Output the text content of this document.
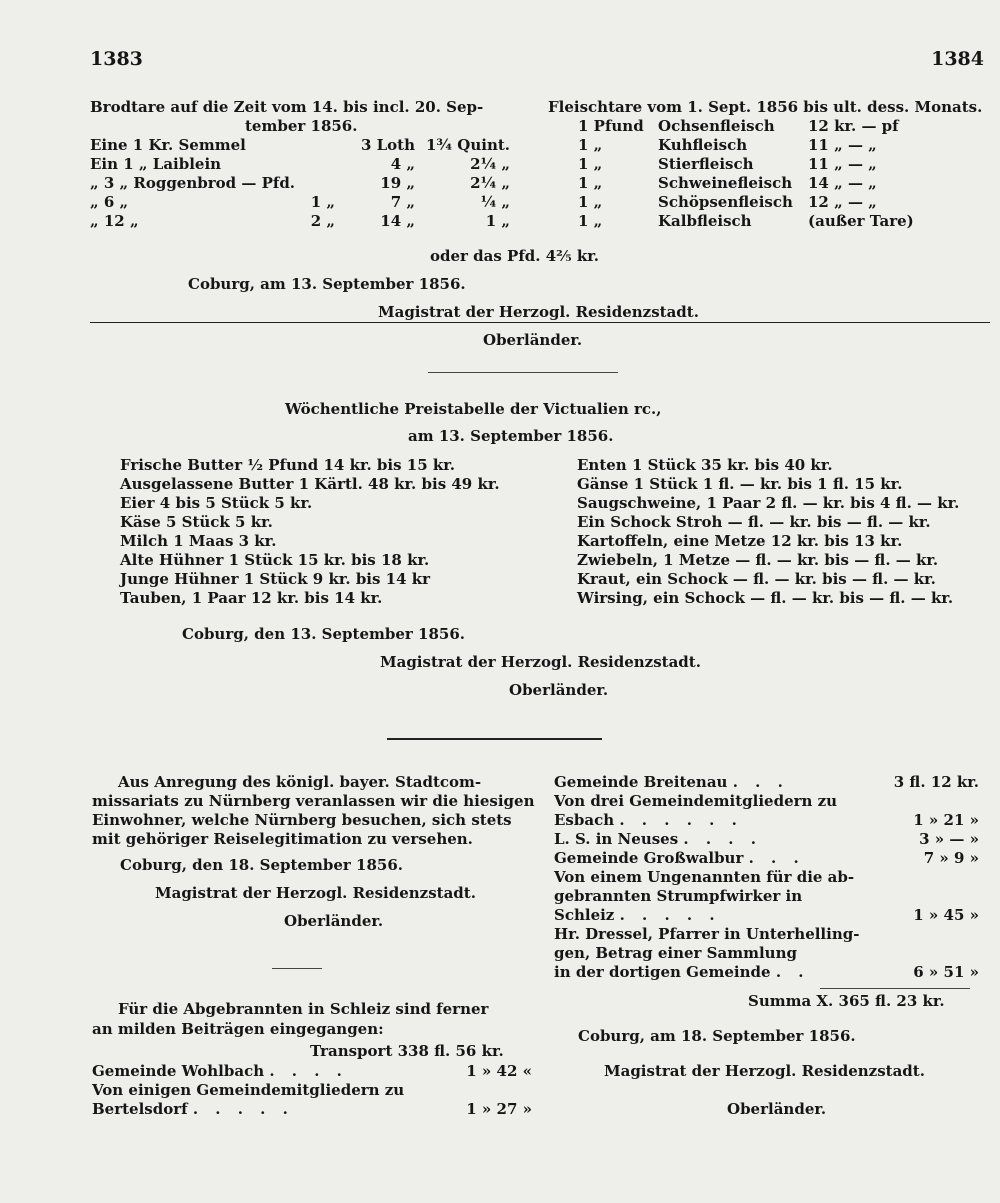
1383	1384
Brodtare auf die Zeit vom 14. bis incl. 20. Sep-
tember 1856.
Eine 1 Kr. Semmel	3 Loth 1¾ Quint.
Ein 1 „ Laiblein	4 „	2¼ „
„ 3 „ Roggenbrod — Pfd.	19 „	2¼ „
„ 6 „	1 „	7 „	¼ „
„ 12 „	2 „	14 „	1 „
oder das Pfd. 4⅖ kr.
Coburg, am 13. September 1856.
Fleischtare vom 1. Sept. 1856 bis ult. dess. Monats.
1 Pfund Ochsenfleisch	12 kr. — pf
1 „	Kuhfleisch	11 „ — „
1 „	Stierfleisch	11 „ — „
1 „	Schweinefleisch	14 „ — „
1 „	Schöpsenfleisch	12 „ — „
1 „	Kalbfleisch	(außer Tare)
Magistrat der Herzogl. Residenzstadt.
Oberländer.
Wöchentliche Preistabelle der Victualien rc.,
am 13. September 1856.
Frische Butter ½ Pfund 14 kr. bis 15 kr.
Ausgelassene Butter 1 Kärtl. 48 kr. bis 49 kr.
Eier 4 bis 5 Stück 5 kr.
Käse 5 Stück 5 kr.
Milch 1 Maas 3 kr.
Alte Hühner 1 Stück 15 kr. bis 18 kr.
Junge Hühner 1 Stück 9 kr. bis 14 kr
Tauben, 1 Paar 12 kr. bis 14 kr.
Enten 1 Stück 35 kr. bis 40 kr.
Gänse 1 Stück 1 fl. — kr. bis 1 fl. 15 kr.
Saugschweine, 1 Paar 2 fl. — kr. bis 4 fl. — kr.
Ein Schock Stroh — fl. — kr. bis — fl. — kr.
Kartoffeln, eine Metze 12 kr. bis 13 kr.
Zwiebeln, 1 Metze — fl. — kr. bis — fl. — kr.
Kraut, ein Schock — fl. — kr. bis — fl. — kr.
Wirsing, ein Schock — fl. — kr. bis — fl. — kr.
Coburg, den 13. September 1856.
Magistrat der Herzogl. Residenzstadt.
Oberländer.
Aus Anregung des königl. bayer. Stadtcom-
missariats zu Nürnberg veranlassen wir die hiesigen
Einwohner, welche Nürnberg besuchen, sich stets
mit gehöriger Reiselegitimation zu versehen.
Coburg, den 18. September 1856.
Magistrat der Herzogl. Residenzstadt.
Oberländer.
Für die Abgebrannten in Schleiz sind ferner
an milden Beiträgen eingegangen:
Transport 338 fl. 56 kr.
Gemeinde Wohlbach . . . .	1 » 42 «
Von einigen Gemeindemitgliedern zu
Bertelsdorf . . . . .	1 » 27 »
Gemeinde Breitenau . . .	3 fl. 12 kr.
Von drei Gemeindemitgliedern zu
Esbach . . . . . .	1 » 21 »
L. S. in Neuses . . . .	3 » — »
Gemeinde Großwalbur . . .	7 » 9 »
Von einem Ungenannten für die ab-
gebrannten Strumpfwirker in
Schleiz . . . . .	1 » 45 »
Hr. Dressel, Pfarrer in Unterhelling-
gen, Betrag einer Sammlung
in der dortigen Gemeinde . .	6 » 51 »
Summa X. 365 fl. 23 kr.
Coburg, am 18. September 1856.
Magistrat der Herzogl. Residenzstadt.
Oberländer.
